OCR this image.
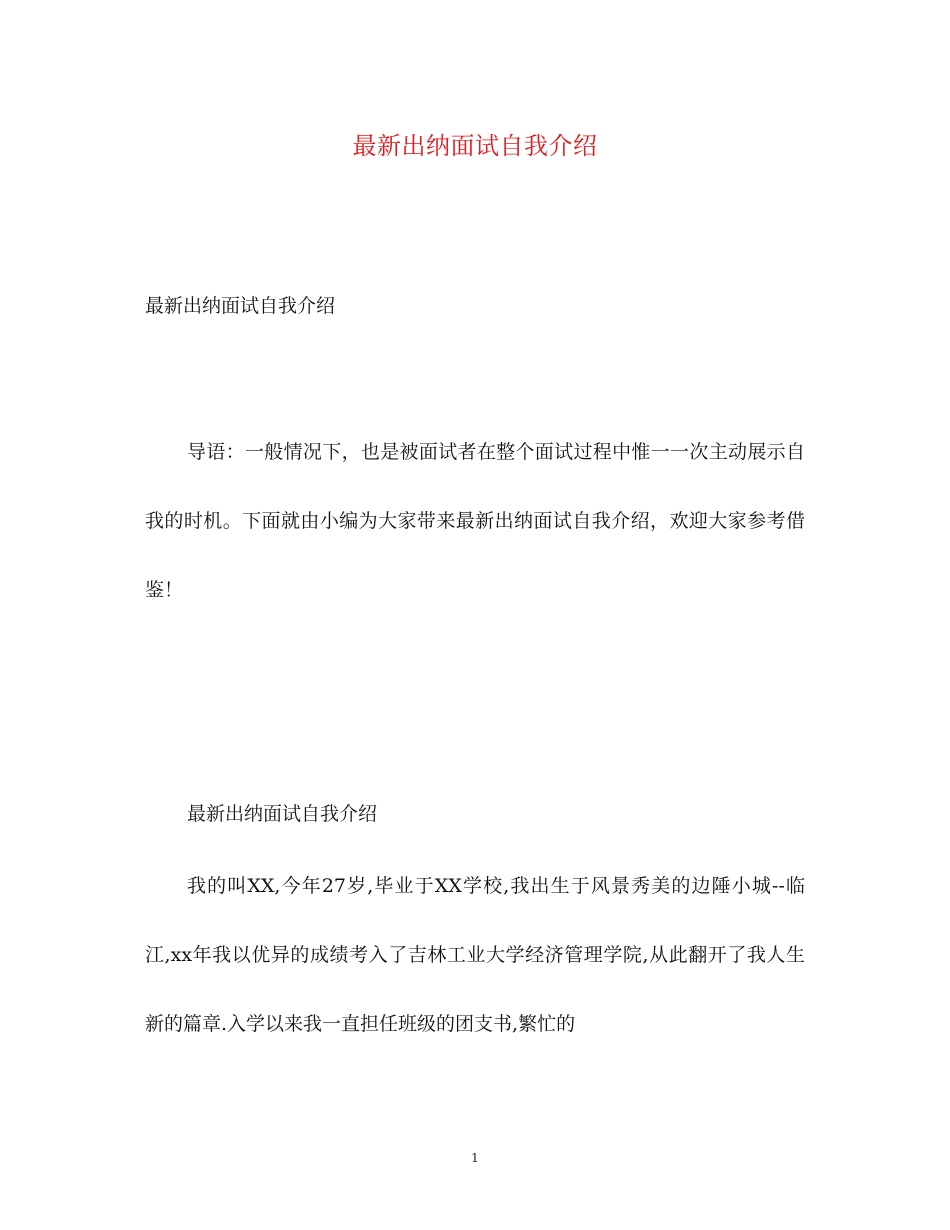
最新出纳面试自我介绍
最新出纳面试自我介绍

导语：一般情况下，也是被面试者在整个面试过程中惟一一次主动展示自我的时机。下面就由小编为大家带来最新出纳面试自我介绍，欢迎大家参考借鉴！

最新出纳面试自我介绍

我的叫XX,今年27岁,毕业于XX学校,我出生于风景秀美的边陲小城--临江,xx年我以优异的成绩考入了吉林工业大学经济管理学院,从此翻开了我人生新的篇章.入学以来我一直担任班级的团支书,繁忙的

1
